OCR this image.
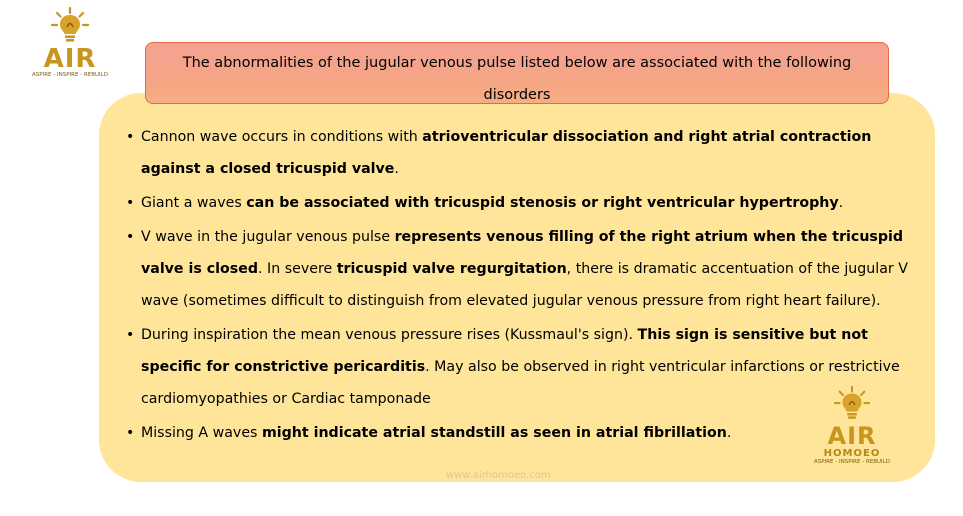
AIR
ASPIRE - INSPIRE - REBUILD
The abnormalities of the jugular venous pulse listed below are associated with the following
disorders
• Cannon wave occurs in conditions with atrioventricular dissociation and right atrial contraction against a closed tricuspid valve.
• Giant a waves can be associated with tricuspid stenosis or right ventricular hypertrophy.
• V wave in the jugular venous pulse represents venous filling of the right atrium when the tricuspid valve is closed. In severe tricuspid valve regurgitation, there is dramatic accentuation of the jugular V wave (sometimes difficult to distinguish from elevated jugular venous pressure from right heart failure).
• During inspiration the mean venous pressure rises (Kussmaul's sign). This sign is sensitive but not specific for constrictive pericarditis. May also be observed in right ventricular infarctions or restrictive cardiomyopathies or Cardiac tamponade
• Missing A waves might indicate atrial standstill as seen in atrial fibrillation.	AIR
HOMOEO
ASPIRE - INSPIRE - REBUILD
www.airhomoeo.com
